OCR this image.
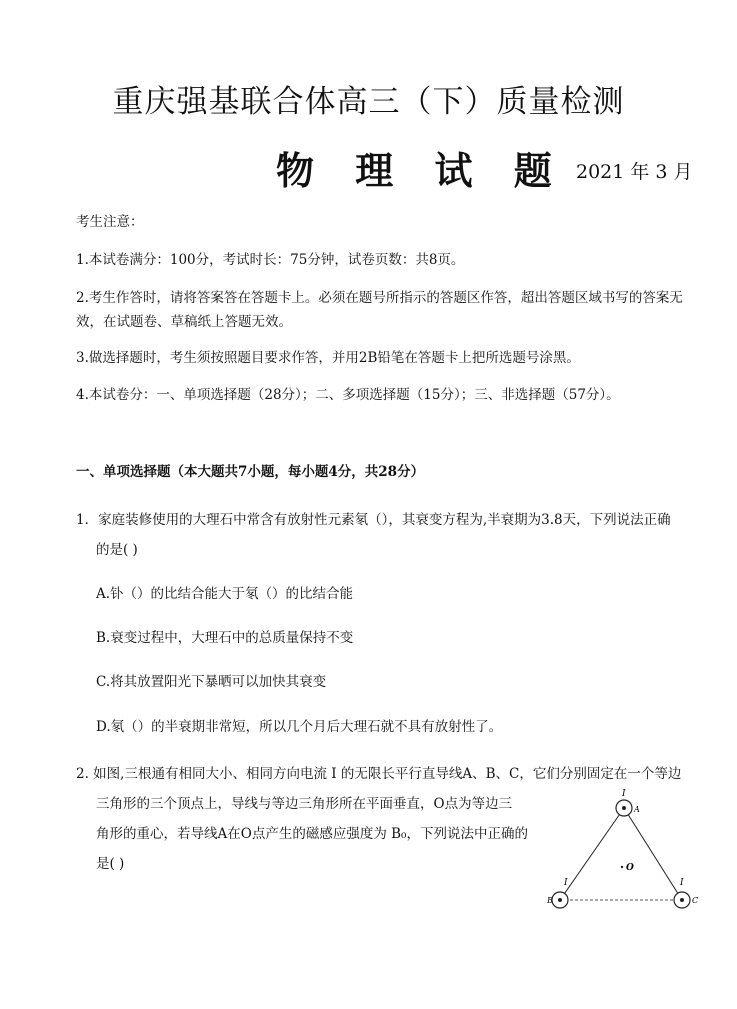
重庆强基联合体高三（下）质量检测
物 理 试 题 2021 年 3 月
考生注意：
1.本试卷满分：100分，考试时长：75分钟，试卷页数：共8页。
2.考生作答时，请将答案答在答题卡上。必须在题号所指示的答题区作答，超出答题区域书写的答案无
效，在试题卷、草稿纸上答题无效。
3.做选择题时，考生须按照题目要求作答，并用2B铅笔在答题卡上把所选题号涂黑。
4.本试卷分：一、单项选择题（28分）；二、多项选择题（15分）；三、非选择题（57分）。
一、单项选择题（本大题共7小题，每小题4分，共28分）
1．家庭装修使用的大理石中常含有放射性元素氡（），其衰变方程为,半衰期为3.8天，下列说法正确
的是( )
A.钋（）的比结合能大于氡（）的比结合能
B.衰变过程中，大理石中的总质量保持不变
C.将其放置阳光下暴晒可以加快其衰变
D.氡（）的半衰期非常短，所以几个月后大理石就不具有放射性了。
2. 如图,三根通有相同大小、相同方向电流 I 的无限长平行直导线A、B、C，它们分别固定在一个等边
三角形的三个顶点上，导线与等边三角形所在平面垂直，O点为等边三
角形的重心，若导线A在O点产生的磁感应强度为 B₀，下列说法中正确的
是( )
I
A
I
B
I
C
O
